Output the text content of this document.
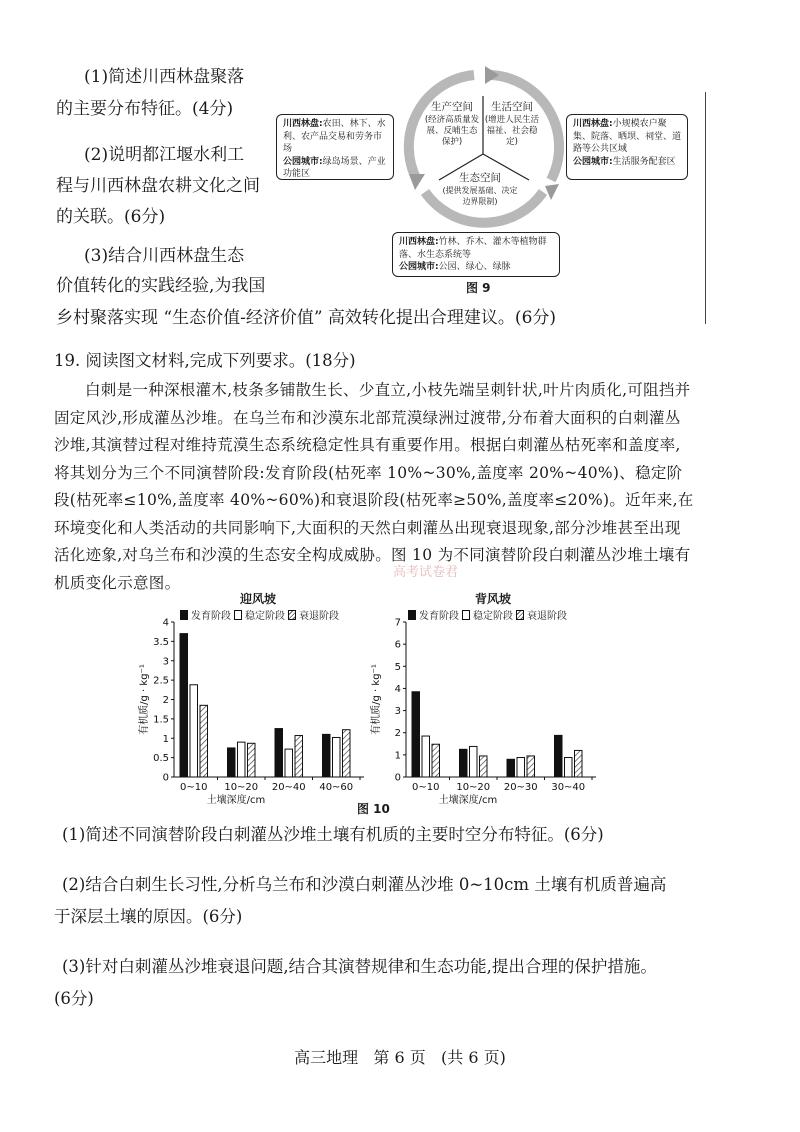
(1)简述川西林盘聚落
的主要分布特征。(4分)
(2)说明都江堰水利工
程与川西林盘农耕文化之间
的关联。(6分)
(3)结合川西林盘生态
价值转化的实践经验,为我国
乡村聚落实现 “生态价值-经济价值” 高效转化提出合理建议。(6分)
生产空间
(经济高质量发展、反哺生态保护)
生活空间
(增进人民生活福祉、社会稳定)
生态空间
(提供发展基础、决定边界限制)
川西林盘:农田、林下、水利、农产品交易和劳务市场
公园城市:绿岛场景、产业功能区
川西林盘:小规模农户聚集、院落、晒坝、祠堂、道路等公共区域
公园城市:生活服务配套区
川西林盘:竹林、乔木、灌木等植物群落、水生态系统等
公园城市:公园、绿心、绿脉
图 9
19. 阅读图文材料,完成下列要求。(18分)
白刺是一种深根灌木,枝条多铺散生长、少直立,小枝先端呈刺针状,叶片肉质化,可阻挡并固定风沙,形成灌丛沙堆。在乌兰布和沙漠东北部荒漠绿洲过渡带,分布着大面积的白刺灌丛沙堆,其演替过程对维持荒漠生态系统稳定性具有重要作用。根据白刺灌丛枯死率和盖度率,将其划分为三个不同演替阶段:发育阶段(枯死率 10%~30%,盖度率 20%~40%)、稳定阶段(枯死率≤10%,盖度率 40%~60%)和衰退阶段(枯死率≥50%,盖度率≤20%)。近年来,在环境变化和人类活动的共同影响下,大面积的天然白刺灌丛出现衰退现象,部分沙堆甚至出现活化迹象,对乌兰布和沙漠的生态安全构成威胁。图 10 为不同演替阶段白刺灌丛沙堆土壤有机质变化示意图。
高考试卷君
迎风坡	背风坡
发育阶段 稳定阶段 衰退阶段	发育阶段 稳定阶段 衰退阶段
0
0.5
1
1.5
2
2.5
3
3.5
4
有机质/g · kg⁻¹
0~10 10~20 20~40 40~60
土壤深度/cm
0
1
2
3
4
5
6
7
有机质/g · kg⁻¹
0~10 10~20 20~30 30~40
土壤深度/cm
图 10
(1)简述不同演替阶段白刺灌丛沙堆土壤有机质的主要时空分布特征。(6分)
(2)结合白刺生长习性,分析乌兰布和沙漠白刺灌丛沙堆 0~10cm 土壤有机质普遍高
于深层土壤的原因。(6分)
(3)针对白刺灌丛沙堆衰退问题,结合其演替规律和生态功能,提出合理的保护措施。
(6分)
高三地理   第 6 页   (共 6 页)
